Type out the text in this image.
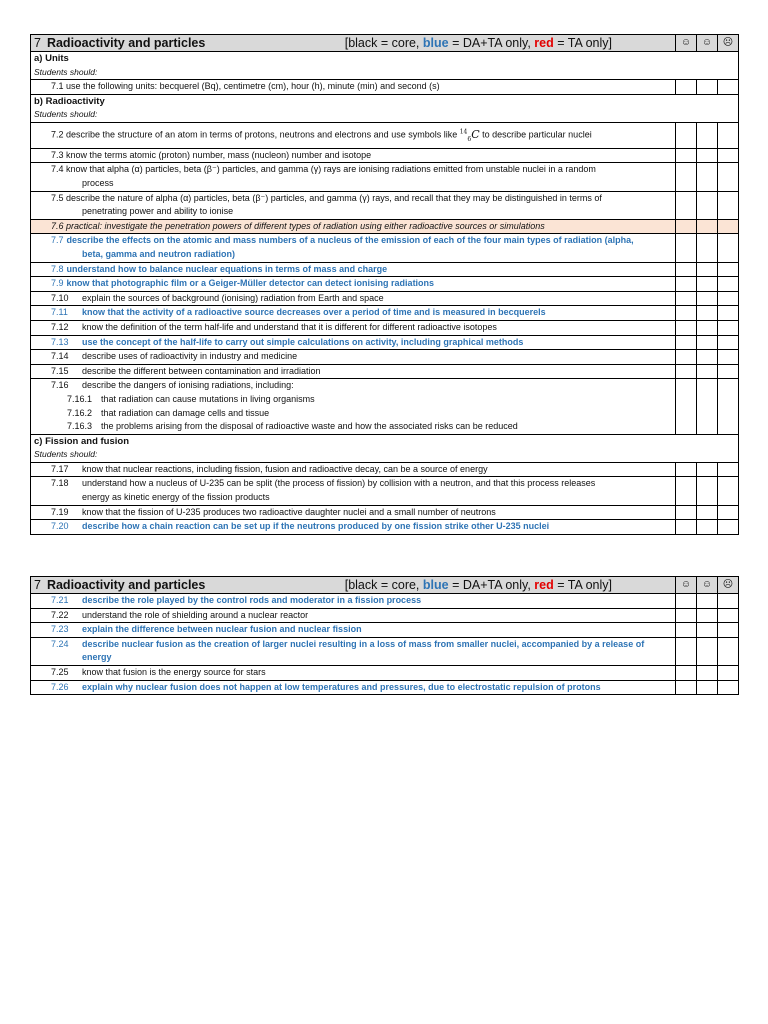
7 Radioactivity and particles [black = core, blue = DA+TA only, red = TA only]	☺	☺	☹
a) Units			
Students should:			
7.1 use the following units: becquerel (Bq), centimetre (cm), hour (h), minute (min) and second (s)			
b) Radioactivity			
Students should:			
7.2 describe the structure of an atom in terms of protons, neutrons and electrons and use symbols like $^{14}_6$C to describe particular nuclei			
7.3 know the terms atomic (proton) number, mass (nucleon) number and isotope			
7.4 know that alpha (α) particles, beta (β⁻) particles, and gamma (γ) rays are ionising radiations emitted from unstable nuclei in a random
process			

7.5 describe the nature of alpha (α) particles, beta (β⁻) particles, and gamma (γ) rays, and recall that they may be distinguished in terms of
penetrating power and ability to ionise			

7.6 practical: investigate the penetration powers of different types of radiation using either radioactive sources or simulations			
7.7 describe the effects on the atomic and mass numbers of a nucleus of the emission of each of the four main types of radiation (alpha,
beta, gamma and neutron radiation)			

7.8 understand how to balance nuclear equations in terms of mass and charge			
7.9 know that photographic film or a Geiger-Müller detector can detect ionising radiations			
7.10 explain the sources of background (ionising) radiation from Earth and space			
7.11 know that the activity of a radioactive source decreases over a period of time and is measured in becquerels			
7.12 know the definition of the term half-life and understand that it is different for different radioactive isotopes			
7.13 use the concept of the half-life to carry out simple calculations on activity, including graphical methods			
7.14 describe uses of radioactivity in industry and medicine			
7.15 describe the different between contamination and irradiation			

7.16 describe the dangers of ionising radiations, including:
7.16.1 that radiation can cause mutations in living organisms
7.16.2 that radiation can damage cells and tissue
7.16.3 the problems arising from the disposal of radioactive waste and how the associated risks can be reduced			

c) Fission and fusion			
Students should:			
7.17 know that nuclear reactions, including fission, fusion and radioactive decay, can be a source of energy			
7.18 understand how a nucleus of U-235 can be split (the process of fission) by collision with a neutron, and that this process releases
energy as kinetic energy of the fission products			

7.19 know that the fission of U-235 produces two radioactive daughter nuclei and a small number of neutrons			
7.20 describe how a chain reaction can be set up if the neutrons produced by one fission strike other U-235 nuclei			
7 Radioactivity and particles [black = core, blue = DA+TA only, red = TA only]	☺	☺	☹
7.21 describe the role played by the control rods and moderator in a fission process			
7.22 understand the role of shielding around a nuclear reactor			
7.23 explain the difference between nuclear fusion and nuclear fission			
7.24 describe nuclear fusion as the creation of larger nuclei resulting in a loss of mass from smaller nuclei, accompanied by a release of
energy			

7.25 know that fusion is the energy source for stars			
7.26 explain why nuclear fusion does not happen at low temperatures and pressures, due to electrostatic repulsion of protons			
